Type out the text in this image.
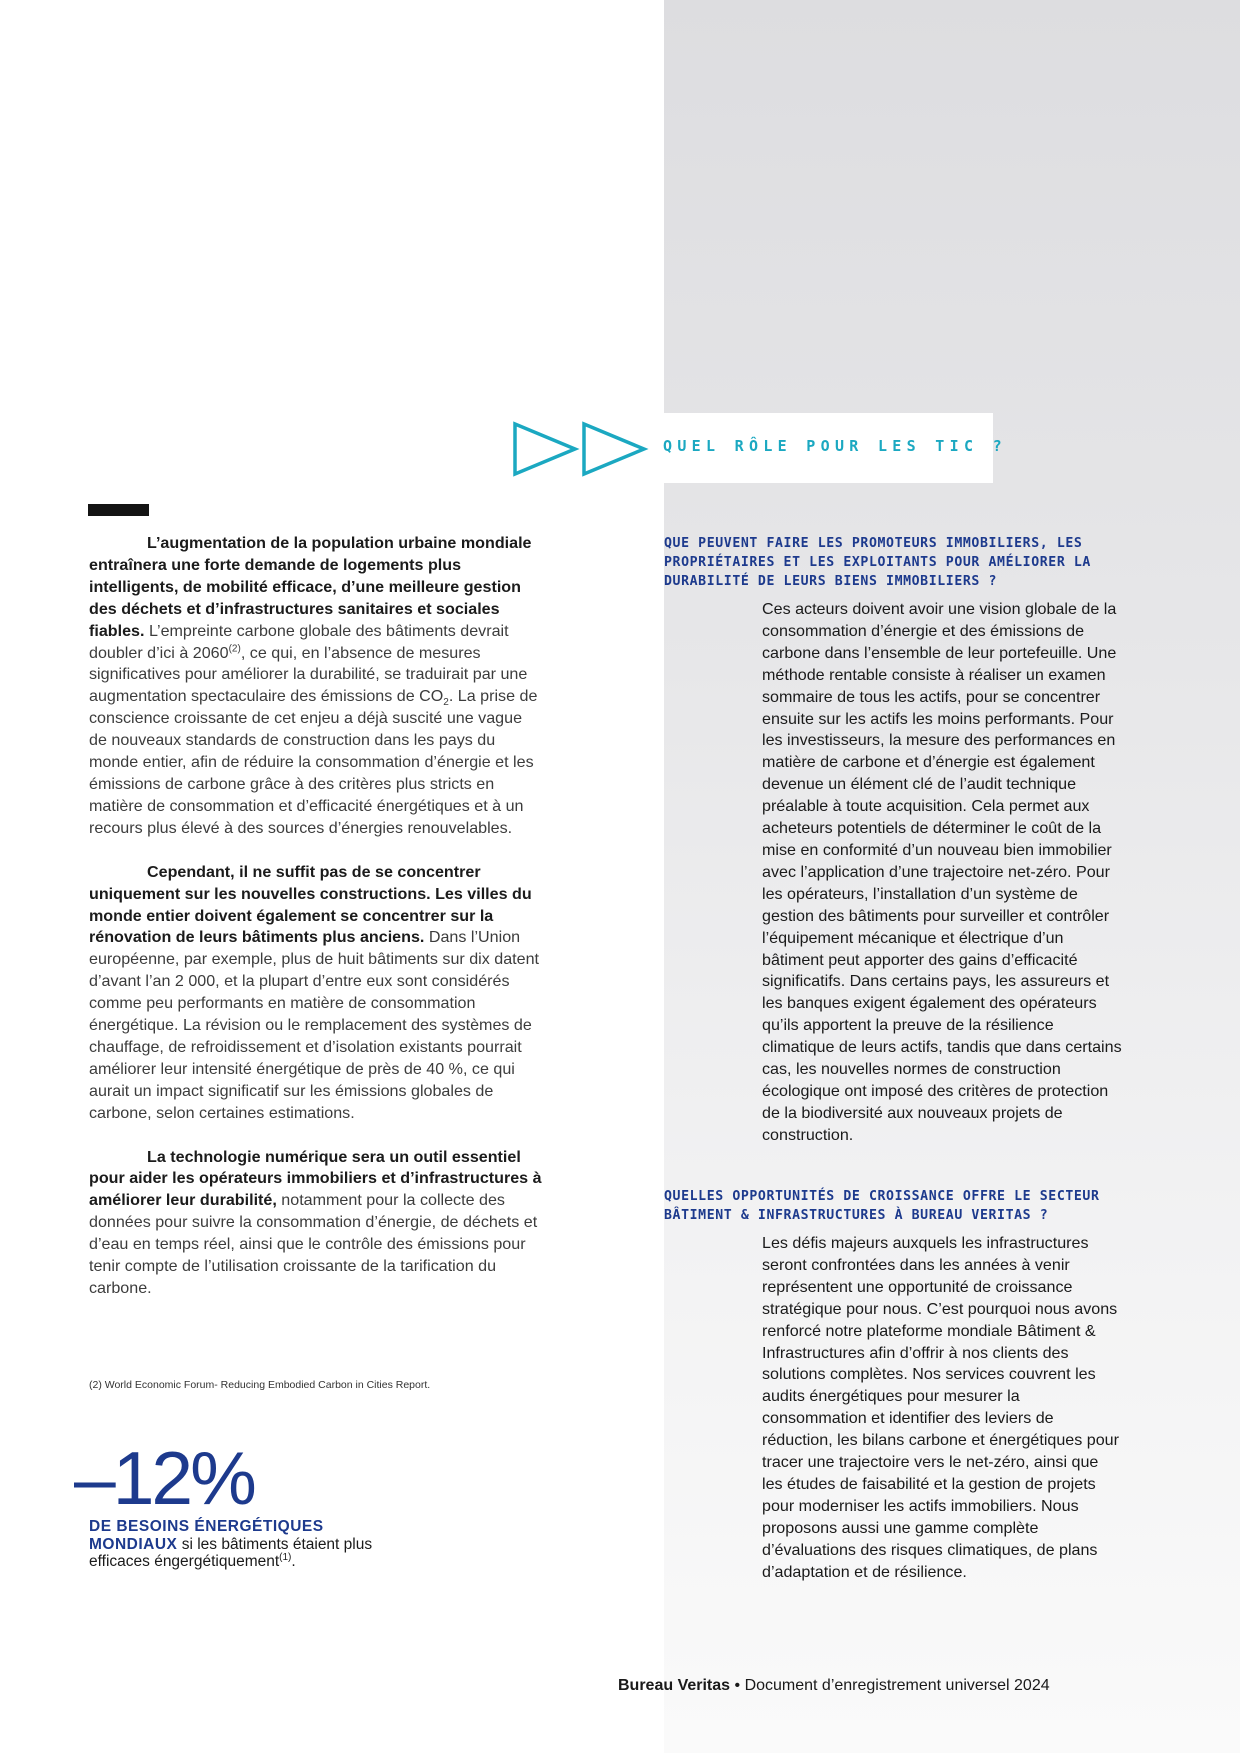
QUEL RÔLE POUR LES TIC ?

L’augmentation de la population urbaine mondiale entraînera une forte demande de logements plus intelligents, de mobilité efficace, d’une meilleure gestion des déchets et d’infrastructures sanitaires et sociales fiables. L’empreinte carbone globale des bâtiments devrait doubler d’ici à 2060$^{(2)}$, ce qui, en l’absence de mesures significatives pour améliorer la durabilité, se traduirait par une augmentation spectaculaire des émissions de $CO_2$. La prise de conscience croissante de cet enjeu a déjà suscité une vague de nouveaux standards de construction dans les pays du monde entier, afin de réduire la consommation d’énergie et les émissions de carbone grâce à des critères plus stricts en matière de consommation et d’efficacité énergétiques et à un recours plus élevé à des sources d’énergies renouvelables.

Cependant, il ne suffit pas de se concentrer uniquement sur les nouvelles constructions. Les villes du monde entier doivent également se concentrer sur la rénovation de leurs bâtiments plus anciens. Dans l’Union européenne, par exemple, plus de huit bâtiments sur dix datent d’avant l’an 2 000, et la plupart d’entre eux sont considérés comme peu performants en matière de consommation énergétique. La révision ou le remplacement des systèmes de chauffage, de refroidissement et d’isolation existants pourrait améliorer leur intensité énergétique de près de 40 %, ce qui aurait un impact significatif sur les émissions globales de carbone, selon certaines estimations.

La technologie numérique sera un outil essentiel pour aider les opérateurs immobiliers et d’infrastructures à améliorer leur durabilité, notamment pour la collecte des données pour suivre la consommation d’énergie, de déchets et d’eau en temps réel, ainsi que le contrôle des émissions pour tenir compte de l’utilisation croissante de la tarification du carbone.

(2) World Economic Forum- Reducing Embodied Carbon in Cities Report.
–12%
DE BESOINS ÉNERGÉTIQUES MONDIAUX si les bâtiments étaient plus efficaces éngergétiquement$^{(1)}$.
QUE PEUVENT FAIRE LES PROMOTEURS IMMOBILIERS, LES PROPRIÉTAIRES ET LES EXPLOITANTS POUR AMÉLIORER LA DURABILITÉ DE LEURS BIENS IMMOBILIERS ?
Ces acteurs doivent avoir une vision globale de la consommation d’énergie et des émissions de carbone dans l’ensemble de leur portefeuille. Une méthode rentable consiste à réaliser un examen sommaire de tous les actifs, pour se concentrer ensuite sur les actifs les moins performants. Pour les investisseurs, la mesure des performances en matière de carbone et d’énergie est également devenue un élément clé de l’audit technique préalable à toute acquisition. Cela permet aux acheteurs potentiels de déterminer le coût de la mise en conformité d’un nouveau bien immobilier avec l’application d’une trajectoire net-zéro. Pour les opérateurs, l’installation d’un système de gestion des bâtiments pour surveiller et contrôler l’équipement mécanique et électrique d’un bâtiment peut apporter des gains d’efficacité significatifs. Dans certains pays, les assureurs et les banques exigent également des opérateurs qu’ils apportent la preuve de la résilience climatique de leurs actifs, tandis que dans certains cas, les nouvelles normes de construction écologique ont imposé des critères de protection de la biodiversité aux nouveaux projets de construction.
QUELLES OPPORTUNITÉS DE CROISSANCE OFFRE LE SECTEUR BÂTIMENT & INFRASTRUCTURES À BUREAU VERITAS ?
Les défis majeurs auxquels les infrastructures seront confrontées dans les années à venir représentent une opportunité de croissance stratégique pour nous. C’est pourquoi nous avons renforcé notre plateforme mondiale Bâtiment & Infrastructures afin d’offrir à nos clients des solutions complètes. Nos services couvrent les audits énergétiques pour mesurer la consommation et identifier des leviers de réduction, les bilans carbone et énergétiques pour tracer une trajectoire vers le net-zéro, ainsi que les études de faisabilité et la gestion de projets pour moderniser les actifs immobiliers. Nous proposons aussi une gamme complète d’évaluations des risques climatiques, de plans d’adaptation et de résilience.
Bureau Veritas • Document d’enregistrement universel 2024
